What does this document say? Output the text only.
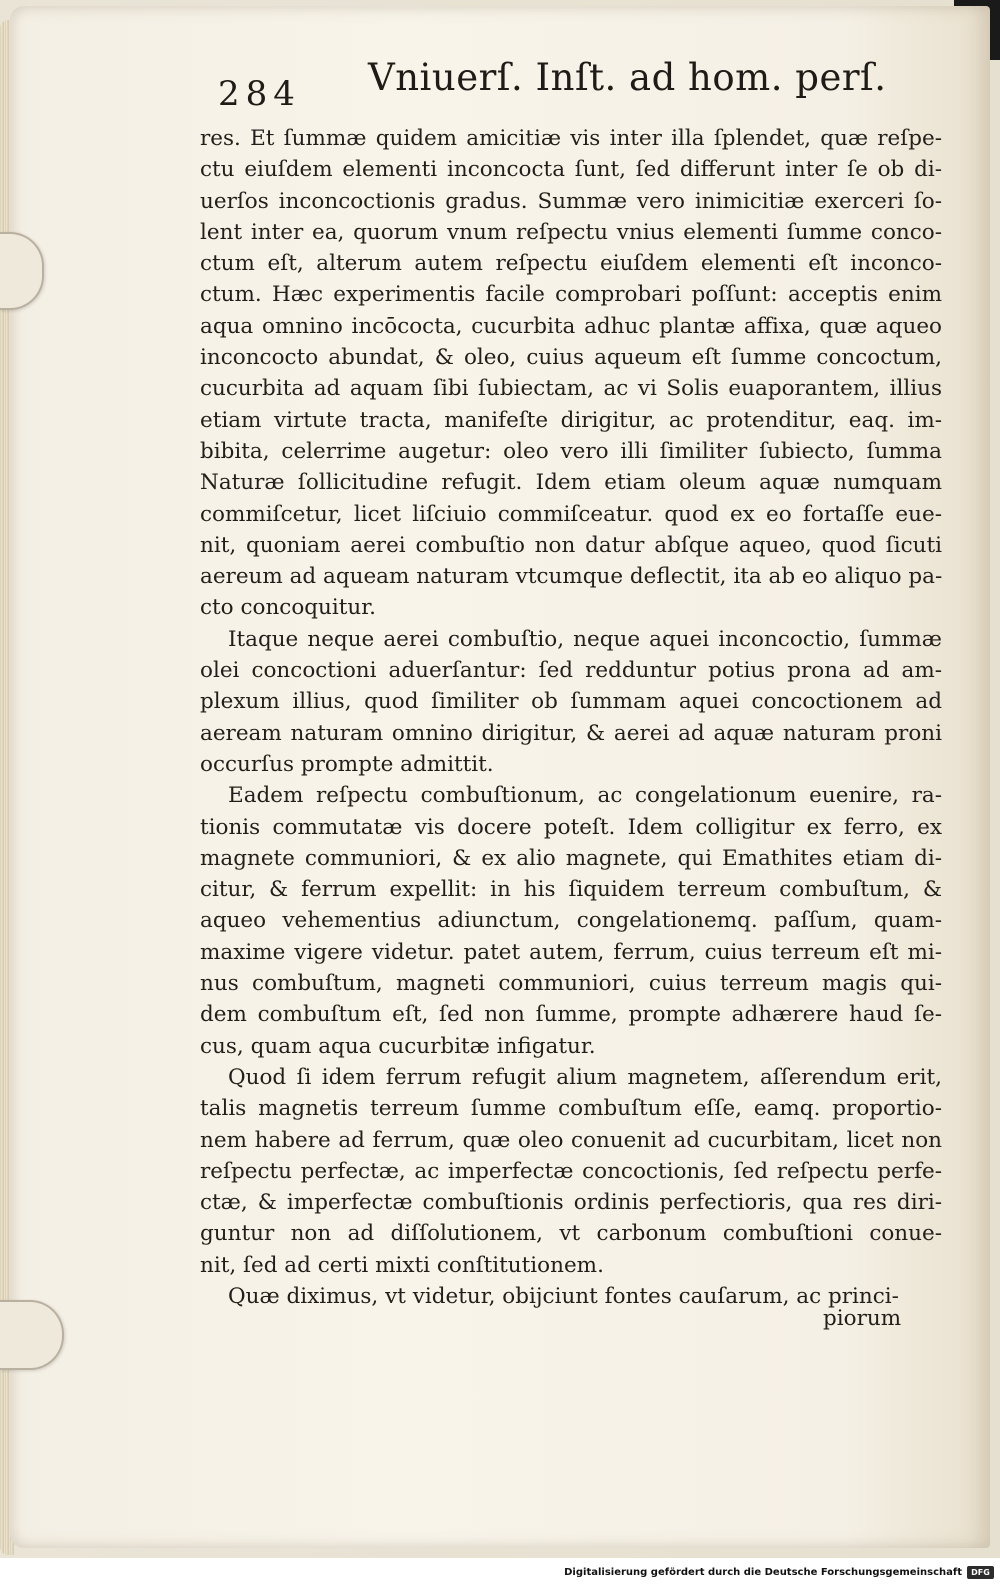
284 Vniuerſ. Inſt. ad hom. perſ.

res. Et ſummæ quidem amicitiæ vis inter illa ſplendet, quæ reſpe-
ctu eiuſdem elementi inconcocta ſunt, ſed differunt inter ſe ob di-
uerſos inconcoctionis gradus. Summæ vero inimicitiæ exerceri ſo-
lent inter ea, quorum vnum reſpectu vnius elementi ſumme conco-
ctum eſt, alterum autem reſpectu eiuſdem elementi eſt inconco-
ctum. Hæc experimentis facile comprobari poſſunt: acceptis enim
aqua omnino incōcocta, cucurbita adhuc plantæ affixa, quæ aqueo
inconcocto abundat, & oleo, cuius aqueum eſt ſumme concoctum,
cucurbita ad aquam ſibi ſubiectam, ac vi Solis euaporantem, illius
etiam virtute tracta, manifeſte dirigitur, ac protenditur, eaq. im-
bibita, celerrime augetur: oleo vero illi ſimiliter ſubiecto, ſumma
Naturæ ſollicitudine refugit. Idem etiam oleum aquæ numquam
commiſcetur, licet liſciuio commiſceatur. quod ex eo fortaſſe eue-
nit, quoniam aerei combuſtio non datur abſque aqueo, quod ſicuti
aereum ad aqueam naturam vtcumque deflectit, ita ab eo aliquo pa-
cto concoquitur.

Itaque neque aerei combuſtio, neque aquei inconcoctio, ſummæ
olei concoctioni aduerſantur: ſed redduntur potius prona ad am-
plexum illius, quod ſimiliter ob ſummam aquei concoctionem ad
aeream naturam omnino dirigitur, & aerei ad aquæ naturam proni
occurſus prompte admittit.

Eadem reſpectu combuſtionum, ac congelationum euenire, ra-
tionis commutatæ vis docere poteſt. Idem colligitur ex ferro, ex
magnete communiori, & ex alio magnete, qui Emathites etiam di-
citur, & ferrum expellit: in his ſiquidem terreum combuſtum, &
aqueo vehementius adiunctum, congelationemq. paſſum, quam-
maxime vigere videtur. patet autem, ferrum, cuius terreum eſt mi-
nus combuſtum, magneti communiori, cuius terreum magis qui-
dem combuſtum eſt, ſed non ſumme, prompte adhærere haud ſe-
cus, quam aqua cucurbitæ infigatur.

Quod ſi idem ferrum refugit alium magnetem, aſſerendum erit,
talis magnetis terreum ſumme combuſtum eſſe, eamq. proportio-
nem habere ad ferrum, quæ oleo conuenit ad cucurbitam, licet non
reſpectu perfectæ, ac imperfectæ concoctionis, ſed reſpectu perfe-
ctæ, & imperfectæ combuſtionis ordinis perfectioris, qua res diri-
guntur non ad diſſolutionem, vt carbonum combuſtioni conue-
nit, ſed ad certi mixti conſtitutionem.

Quæ diximus, vt videtur, obijciunt fontes cauſarum, ac princi-

piorum
Digitalisierung gefördert durch die Deutsche Forschungsgemeinschaft	DFG
